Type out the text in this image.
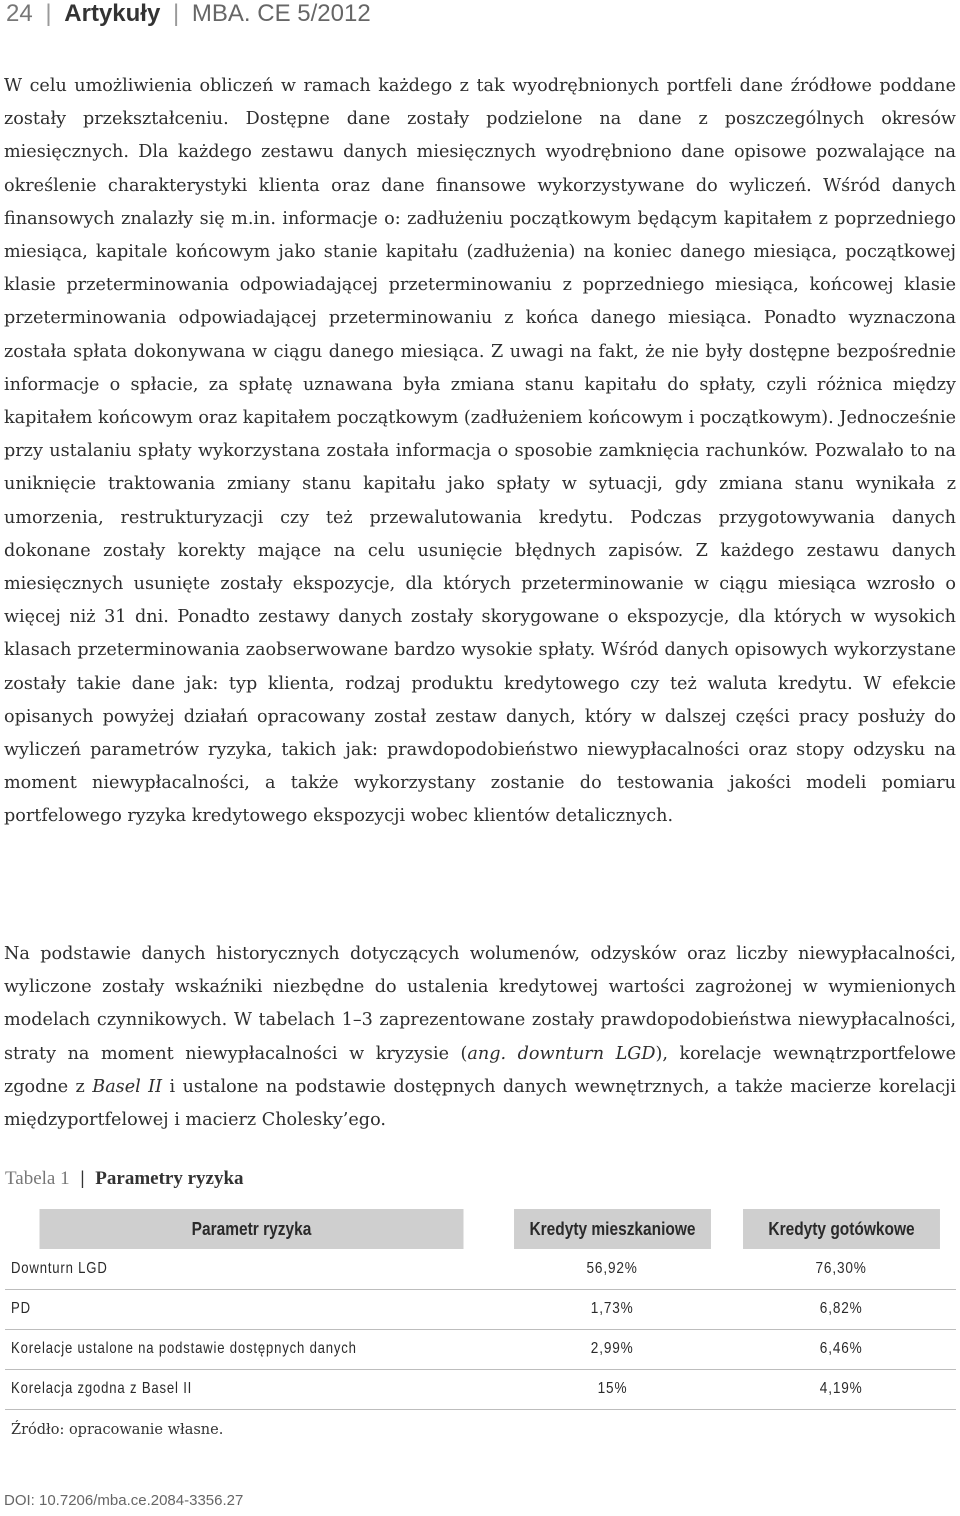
24 | Artykuły | MBA. CE 5/2012

W celu umożliwienia obliczeń w ramach każdego z tak wyodrębnionych portfeli dane źródłowe poddane zostały przekształceniu. Dostępne dane zostały podzielone na dane z poszczególnych okresów miesięcznych. Dla każdego zestawu danych miesięcznych wyodrębniono dane opisowe pozwalające na określenie charakterystyki klienta oraz dane finansowe wykorzystywane do wyliczeń. Wśród danych finansowych znalazły się m.in. informacje o: zadłużeniu początkowym będącym kapitałem z poprzedniego miesiąca, kapitale końcowym jako stanie kapitału (zadłużenia) na koniec danego miesiąca, początkowej klasie przeterminowania odpowiadającej przeterminowaniu z poprzedniego miesiąca, końcowej klasie przeterminowania odpowiadającej przeterminowaniu z końca danego miesiąca. Ponadto wyznaczona została spłata dokonywana w ciągu danego miesiąca. Z uwagi na fakt, że nie były dostępne bezpośrednie informacje o spłacie, za spłatę uznawana była zmiana stanu kapitału do spłaty, czyli różnica między kapitałem końcowym oraz kapitałem początkowym (zadłużeniem końcowym i początkowym). Jednocześnie przy ustalaniu spłaty wykorzystana została informacja o sposobie zamknięcia rachunków. Pozwalało to na uniknięcie traktowania zmiany stanu kapitału jako spłaty w sytuacji, gdy zmiana stanu wynikała z umorzenia, restrukturyzacji czy też przewalutowania kredytu. Podczas przygotowywania danych dokonane zostały korekty mające na celu usunięcie błędnych zapisów. Z każdego zestawu danych miesięcznych usunięte zostały ekspozycje, dla których przeterminowanie w ciągu miesiąca wzrosło o więcej niż 31 dni. Ponadto zestawy danych zostały skorygowane o ekspozycje, dla których w wysokich klasach przeterminowania zaobserwowane bardzo wysokie spłaty. Wśród danych opisowych wykorzystane zostały takie dane jak: typ klienta, rodzaj produktu kredytowego czy też waluta kredytu. W efekcie opisanych powyżej działań opracowany został zestaw danych, który w dalszej części pracy posłuży do wyliczeń parametrów ryzyka, takich jak: prawdopodobieństwo niewypłacalności oraz stopy odzysku na moment niewypłacalności, a także wykorzystany zostanie do testowania jakości modeli pomiaru portfelowego ryzyka kredytowego ekspozycji wobec klientów detalicznych.

Na podstawie danych historycznych dotyczących wolumenów, odzysków oraz liczby niewypłacalności, wyliczone zostały wskaźniki niezbędne do ustalenia kredytowej wartości zagrożonej w wymienionych modelach czynnikowych. W tabelach 1–3 zaprezentowane zostały prawdopodobieństwa niewypłacalności, straty na moment niewypłacalności w kryzysie (ang. downturn LGD), korelacje wewnątrzportfelowe zgodne z Basel II i ustalone na podstawie dostępnych danych wewnętrznych, a także macierze korelacji międzyportfelowej i macierz Cholesky’ego.

Tabela 1 | Parametry ryzyka
Parametr ryzyka	Kredyty mieszkaniowe	Kredyty gotówkowe
Downturn LGD	56,92%	76,30%
PD	1,73%	6,82%
Korelacje ustalone na podstawie dostępnych danych	2,99%	6,46%
Korelacja zgodna z Basel II	15%	4,19%
Źródło: opracowanie własne.		
DOI: 10.7206/mba.ce.2084-3356.27
